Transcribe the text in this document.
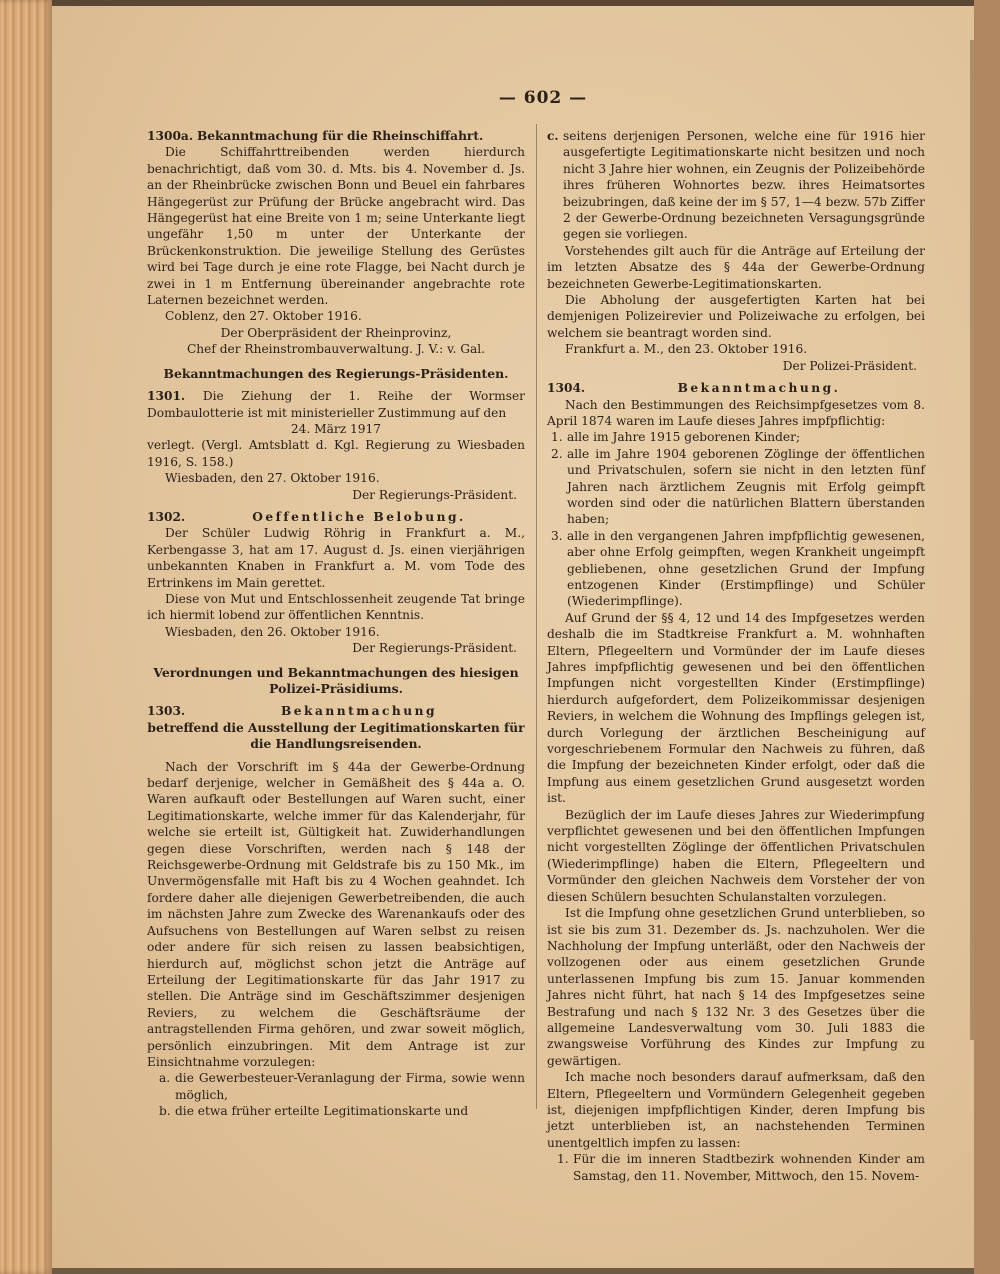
— 602 —

1300a. Bekanntmachung für die Rheinschiffahrt.

Die Schiffahrttreibenden werden hierdurch benachrichtigt, daß vom 30. d. Mts. bis 4. November d. Js. an der Rheinbrücke zwischen Bonn und Beuel ein fahrbares Hängegerüst zur Prüfung der Brücke angebracht wird. Das Hängegerüst hat eine Breite von 1 m; seine Unterkante liegt ungefähr 1,50 m unter der Unterkante der Brückenkonstruktion. Die jeweilige Stellung des Gerüstes wird bei Tage durch je eine rote Flagge, bei Nacht durch je zwei in 1 m Entfernung übereinander angebrachte rote Laternen bezeichnet werden.

Coblenz, den 27. Oktober 1916.

Der Oberpräsident der Rheinprovinz,

Chef der Rheinstrombauverwaltung. J. V.: v. Gal.

Bekanntmachungen des Regierungs-Präsidenten.

1301. Die Ziehung der 1. Reihe der Wormser Dombaulotterie ist mit ministerieller Zustimmung auf den

24. März 1917

verlegt. (Vergl. Amtsblatt d. Kgl. Regierung zu Wiesbaden 1916, S. 158.)

Wiesbaden, den 27. Oktober 1916.

Der Regierungs-Präsident.

1302.	Oeffentliche Belobung.

Der Schüler Ludwig Röhrig in Frankfurt a. M., Kerbengasse 3, hat am 17. August d. Js. einen vierjährigen unbekannten Knaben in Frankfurt a. M. vom Tode des Ertrinkens im Main gerettet.

Diese von Mut und Entschlossenheit zeugende Tat bringe ich hiermit lobend zur öffentlichen Kenntnis.

Wiesbaden, den 26. Oktober 1916.

Der Regierungs-Präsident.

Verordnungen und Bekanntmachungen des hiesigen Polizei-Präsidiums.

1303.	Bekanntmachung

betreffend die Ausstellung der Legitimationskarten für die Handlungsreisenden.

Nach der Vorschrift im § 44a der Gewerbe-Ordnung bedarf derjenige, welcher in Gemäßheit des § 44a a. O. Waren aufkauft oder Bestellungen auf Waren sucht, einer Legitimationskarte, welche immer für das Kalenderjahr, für welche sie erteilt ist, Gültigkeit hat. Zuwiderhandlungen gegen diese Vorschriften, werden nach § 148 der Reichsgewerbe-Ordnung mit Geldstrafe bis zu 150 Mk., im Unvermögensfalle mit Haft bis zu 4 Wochen geahndet. Ich fordere daher alle diejenigen Gewerbetreibenden, die auch im nächsten Jahre zum Zwecke des Warenankaufs oder des Aufsuchens von Bestellungen auf Waren selbst zu reisen oder andere für sich reisen zu lassen beabsichtigen, hierdurch auf, möglichst schon jetzt die Anträge auf Erteilung der Legitimationskarte für das Jahr 1917 zu stellen. Die Anträge sind im Geschäftszimmer desjenigen Reviers, zu welchem die Geschäftsräume der antragstellenden Firma gehören, und zwar soweit möglich, persönlich einzubringen. Mit dem Antrage ist zur Einsichtnahme vorzulegen:

a. die Gewerbesteuer-Veranlagung der Firma, sowie wenn möglich,
b. die etwa früher erteilte Legitimationskarte und
c. seitens derjenigen Personen, welche eine für 1916 hier ausgefertigte Legitimationskarte nicht besitzen und noch nicht 3 Jahre hier wohnen, ein Zeugnis der Polizeibehörde ihres früheren Wohnortes bezw. ihres Heimatsortes beizubringen, daß keine der im § 57, 1—4 bezw. 57b Ziffer 2 der Gewerbe-Ordnung bezeichneten Versagungsgründe gegen sie vorliegen.

Vorstehendes gilt auch für die Anträge auf Erteilung der im letzten Absatze des § 44a der Gewerbe-Ordnung bezeichneten Gewerbe-Legitimationskarten.

Die Abholung der ausgefertigten Karten hat bei demjenigen Polizeirevier und Polizeiwache zu erfolgen, bei welchem sie beantragt worden sind.

Frankfurt a. M., den 23. Oktober 1916.

Der Polizei-Präsident.

1304.	Bekanntmachung.

Nach den Bestimmungen des Reichsimpfgesetzes vom 8. April 1874 waren im Laufe dieses Jahres impfpflichtig:

1. alle im Jahre 1915 geborenen Kinder;
2. alle im Jahre 1904 geborenen Zöglinge der öffentlichen und Privatschulen, sofern sie nicht in den letzten fünf Jahren nach ärztlichem Zeugnis mit Erfolg geimpft worden sind oder die natürlichen Blattern überstanden haben;
3. alle in den vergangenen Jahren impfpflichtig gewesenen, aber ohne Erfolg geimpften, wegen Krankheit ungeimpft gebliebenen, ohne gesetzlichen Grund der Impfung entzogenen Kinder (Erstimpflinge) und Schüler (Wiederimpflinge).

Auf Grund der §§ 4, 12 und 14 des Impfgesetzes werden deshalb die im Stadtkreise Frankfurt a. M. wohnhaften Eltern, Pflegeeltern und Vormünder der im Laufe dieses Jahres impfpflichtig gewesenen und bei den öffentlichen Impfungen nicht vorgestellten Kinder (Erstimpflinge) hierdurch aufgefordert, dem Polizeikommissar desjenigen Reviers, in welchem die Wohnung des Impflings gelegen ist, durch Vorlegung der ärztlichen Bescheinigung auf vorgeschriebenem Formular den Nachweis zu führen, daß die Impfung der bezeichneten Kinder erfolgt, oder daß die Impfung aus einem gesetzlichen Grund ausgesetzt worden ist.

Bezüglich der im Laufe dieses Jahres zur Wiederimpfung verpflichtet gewesenen und bei den öffentlichen Impfungen nicht vorgestellten Zöglinge der öffentlichen Privatschulen (Wiederimpflinge) haben die Eltern, Pflegeeltern und Vormünder den gleichen Nachweis dem Vorsteher der von diesen Schülern besuchten Schulanstalten vorzulegen.

Ist die Impfung ohne gesetzlichen Grund unterblieben, so ist sie bis zum 31. Dezember ds. Js. nachzuholen. Wer die Nachholung der Impfung unterläßt, oder den Nachweis der vollzogenen oder aus einem gesetzlichen Grunde unterlassenen Impfung bis zum 15. Januar kommenden Jahres nicht führt, hat nach § 14 des Impfgesetzes seine Bestrafung und nach § 132 Nr. 3 des Gesetzes über die allgemeine Landesverwaltung vom 30. Juli 1883 die zwangsweise Vorführung des Kindes zur Impfung zu gewärtigen.

Ich mache noch besonders darauf aufmerksam, daß den Eltern, Pflegeeltern und Vormündern Gelegenheit gegeben ist, diejenigen impfpflichtigen Kinder, deren Impfung bis jetzt unterblieben ist, an nachstehenden Terminen unentgeltlich impfen zu lassen:

1. Für die im inneren Stadtbezirk wohnenden Kinder am Samstag, den 11. November, Mittwoch, den 15. Novem-
